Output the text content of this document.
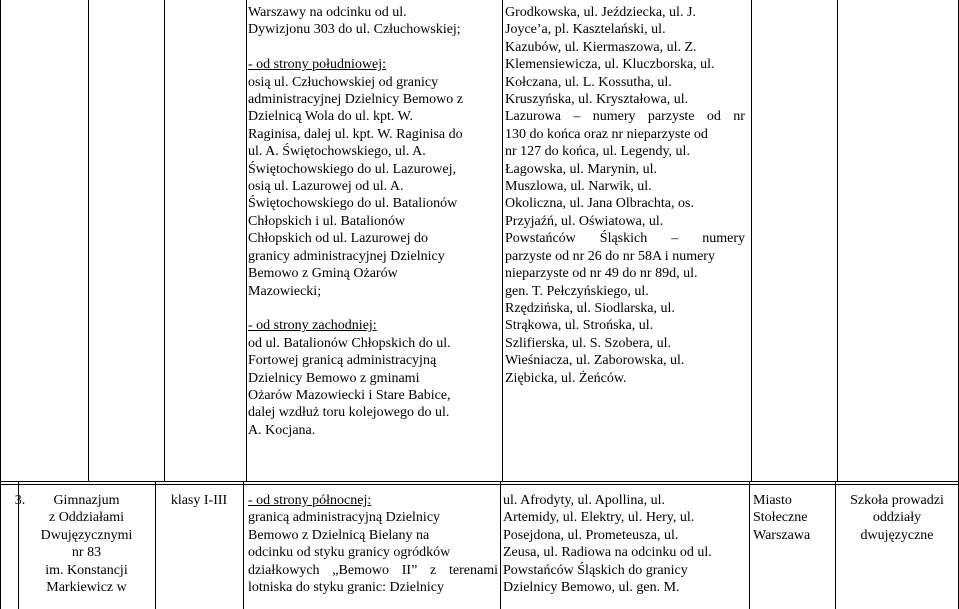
Warszawy na odcinku od ul.
Dywizjonu 303 do ul. Człuchowskiej;

- od strony południowej:
osią ul. Człuchowskiej od granicy
administracyjnej Dzielnicy Bemowo z
Dzielnicą Wola do ul. kpt. W.
Raginisa, dalej ul. kpt. W. Raginisa do
ul. A. Świętochowskiego, ul. A.
Świętochowskiego do ul. Lazurowej,
osią ul. Lazurowej od ul. A.
Świętochowskiego do ul. Batalionów
Chłopskich i ul. Batalionów
Chłopskich od ul. Lazurowej do
granicy administracyjnej Dzielnicy
Bemowo z Gminą Ożarów
Mazowiecki;

- od strony zachodniej:
od ul. Batalionów Chłopskich do ul.
Fortowej granicą administracyjną
Dzielnicy Bemowo z gminami
Ożarów Mazowiecki i Stare Babice,
dalej wzdłuż toru kolejowego do ul.
A. Kocjana.
Grodkowska, ul. Jeździecka, ul. J.
Joyce’a, pl. Kasztelański, ul.
Kazubów, ul. Kiermaszowa, ul. Z.
Klemensiewicza, ul. Kluczborska, ul.
Kołczana, ul. L. Kossutha, ul.
Kruszyńska, ul. Kryształowa, ul.
Lazurowa – numery parzyste od nr
130 do końca oraz nr nieparzyste od
nr 127 do końca, ul. Legendy, ul.
Łagowska, ul. Marynin, ul.
Muszlowa, ul. Narwik, ul.
Okoliczna, ul. Jana Olbrachta, os.
Przyjaźń, ul. Oświatowa, ul.
Powstańców Śląskich – numery
parzyste od nr 26 do nr 58A i numery
nieparzyste od nr 49 do nr 89d, ul.
gen. T. Pełczyńskiego, ul.
Rzędzińska, ul. Siodlarska, ul.
Strąkowa, ul. Strońska, ul.
Szlifierska, ul. S. Szobera, ul.
Wieśniacza, ul. Zaborowska, ul.
Ziębicka, ul. Żeńców.
3.	Gimnazjum
z Oddziałami
Dwujęzycznymi
nr 83
im. Konstancji
Markiewicz w
klasy I-III	- od strony północnej:
granicą administracyjną Dzielnicy
Bemowo z Dzielnicą Bielany na
odcinku od styku granicy ogródków
działkowych „Bemowo II” z terenami
lotniska do styku granic: Dzielnicy
ul. Afrodyty, ul. Apollina, ul.
Artemidy, ul. Elektry, ul. Hery, ul.
Posejdona, ul. Prometeusza, ul.
Zeusa, ul. Radiowa na odcinku od ul.
Powstańców Śląskich do granicy
Dzielnicy Bemowo, ul. gen. M.
Miasto
Stołeczne
Warszawa
Szkoła prowadzi
oddziały
dwujęzyczne
